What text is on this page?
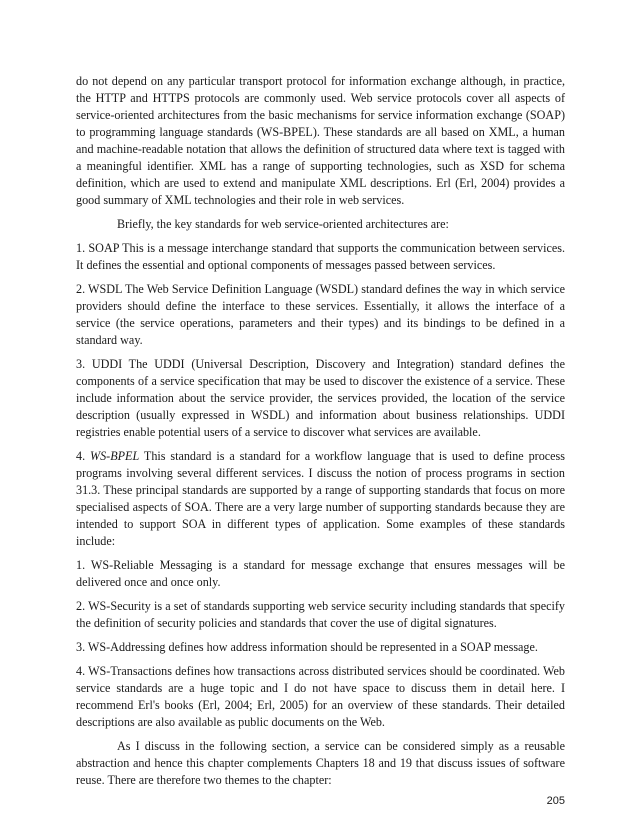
do not depend on any particular transport protocol for information exchange although, in practice, the HTTP and HTTPS protocols are commonly used. Web service protocols cover all aspects of service-oriented architectures from the basic mechanisms for service information exchange (SOAP) to programming language standards (WS-BPEL). These standards are all based on XML, a human and machine-readable notation that allows the definition of structured data where text is tagged with a meaningful identifier. XML has a range of supporting technologies, such as XSD for schema definition, which are used to extend and manipulate XML descriptions. Erl (Erl, 2004) provides a good summary of XML technologies and their role in web services.

Briefly, the key standards for web service-oriented architectures are:

1. SOAP This is a message interchange standard that supports the communication between services. It defines the essential and optional components of messages passed between services.

2. WSDL The Web Service Definition Language (WSDL) standard defines the way in which service providers should define the interface to these services. Essentially, it allows the interface of a service (the service operations, parameters and their types) and its bindings to be defined in a standard way.

3. UDDI The UDDI (Universal Description, Discovery and Integration) standard defines the components of a service specification that may be used to discover the existence of a service. These include information about the service provider, the services provided, the location of the service description (usually expressed in WSDL) and information about business relationships. UDDI registries enable potential users of a service to discover what services are available.

4. WS-BPEL This standard is a standard for a workflow language that is used to define process programs involving several different services. I discuss the notion of process programs in section 31.3. These principal standards are supported by a range of supporting standards that focus on more specialised aspects of SOA. There are a very large number of supporting standards because they are intended to support SOA in different types of application. Some examples of these standards include:

1. WS-Reliable Messaging is a standard for message exchange that ensures messages will be delivered once and once only.

2. WS-Security is a set of standards supporting web service security including standards that specify the definition of security policies and standards that cover the use of digital signatures.

3. WS-Addressing defines how address information should be represented in a SOAP message.

4. WS-Transactions defines how transactions across distributed services should be coordinated. Web service standards are a huge topic and I do not have space to discuss them in detail here. I recommend Erl's books (Erl, 2004; Erl, 2005) for an overview of these standards. Their detailed descriptions are also available as public documents on the Web.

As I discuss in the following section, a service can be considered simply as a reusable abstraction and hence this chapter complements Chapters 18 and 19 that discuss issues of software reuse. There are therefore two themes to the chapter:

205
